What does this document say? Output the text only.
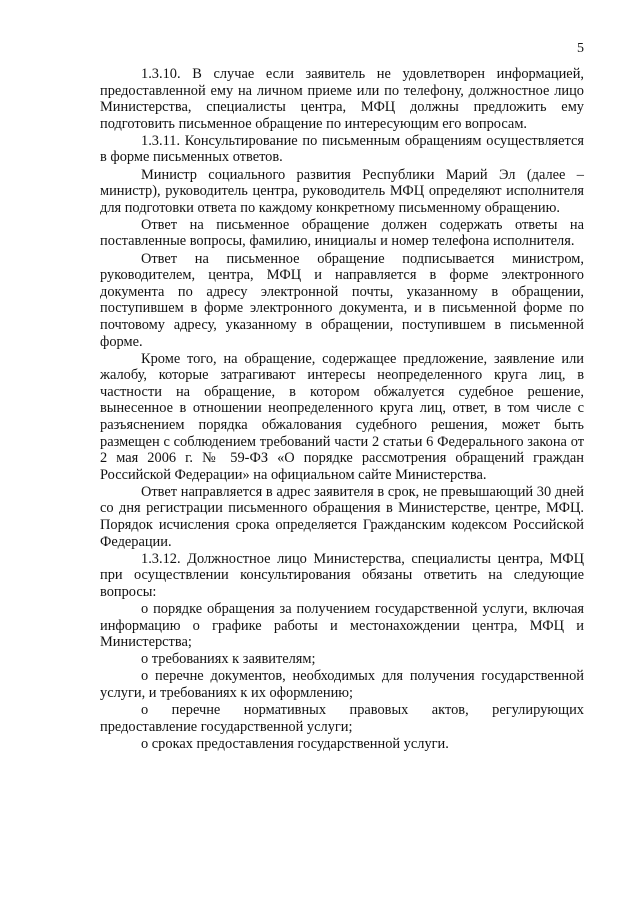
5

1.3.10. В случае если заявитель не удовлетворен информацией, предоставленной ему на личном приеме или по телефону, должностное лицо Министерства, специалисты центра, МФЦ должны предложить ему подготовить письменное обращение по интересующим его вопросам.

1.3.11. Консультирование по письменным обращениям осуществляется в форме письменных ответов.

Министр социального развития Республики Марий Эл (далее –министр), руководитель центра, руководитель МФЦ определяют исполнителя для подготовки ответа по каждому конкретному письменному обращению.

Ответ на письменное обращение должен содержать ответы на поставленные вопросы, фамилию, инициалы и номер телефона исполнителя.

Ответ на письменное обращение подписывается министром, руководителем, центра, МФЦ и направляется в форме электронного документа по адресу электронной почты, указанному в обращении, поступившем в форме электронного документа, и в письменной форме по почтовому адресу, указанному в обращении, поступившем в письменной форме.

Кроме того, на обращение, содержащее предложение, заявление или жалобу, которые затрагивают интересы неопределенного круга лиц, в частности на обращение, в котором обжалуется судебное решение, вынесенное в отношении неопределенного круга лиц, ответ, в том числе с разъяснением порядка обжалования судебного решения, может быть размещен с соблюдением требований части 2 статьи 6 Федерального закона от 2 мая 2006 г. № 59-ФЗ «О порядке рассмотрения обращений граждан Российской Федерации» на официальном сайте Министерства.

Ответ направляется в адрес заявителя в срок, не превышающий 30 дней со дня регистрации письменного обращения в Министерстве, центре, МФЦ. Порядок исчисления срока определяется Гражданским кодексом Российской Федерации.

1.3.12. Должностное лицо Министерства, специалисты центра, МФЦ при осуществлении консультирования обязаны ответить на следующие вопросы:

о порядке обращения за получением государственной услуги, включая информацию о графике работы и местонахождении центра, МФЦ и Министерства;

о требованиях к заявителям;

о перечне документов, необходимых для получения государственной услуги, и требованиях к их оформлению;

о перечне нормативных правовых актов, регулирующих предоставление государственной услуги;

о сроках предоставления государственной услуги.
